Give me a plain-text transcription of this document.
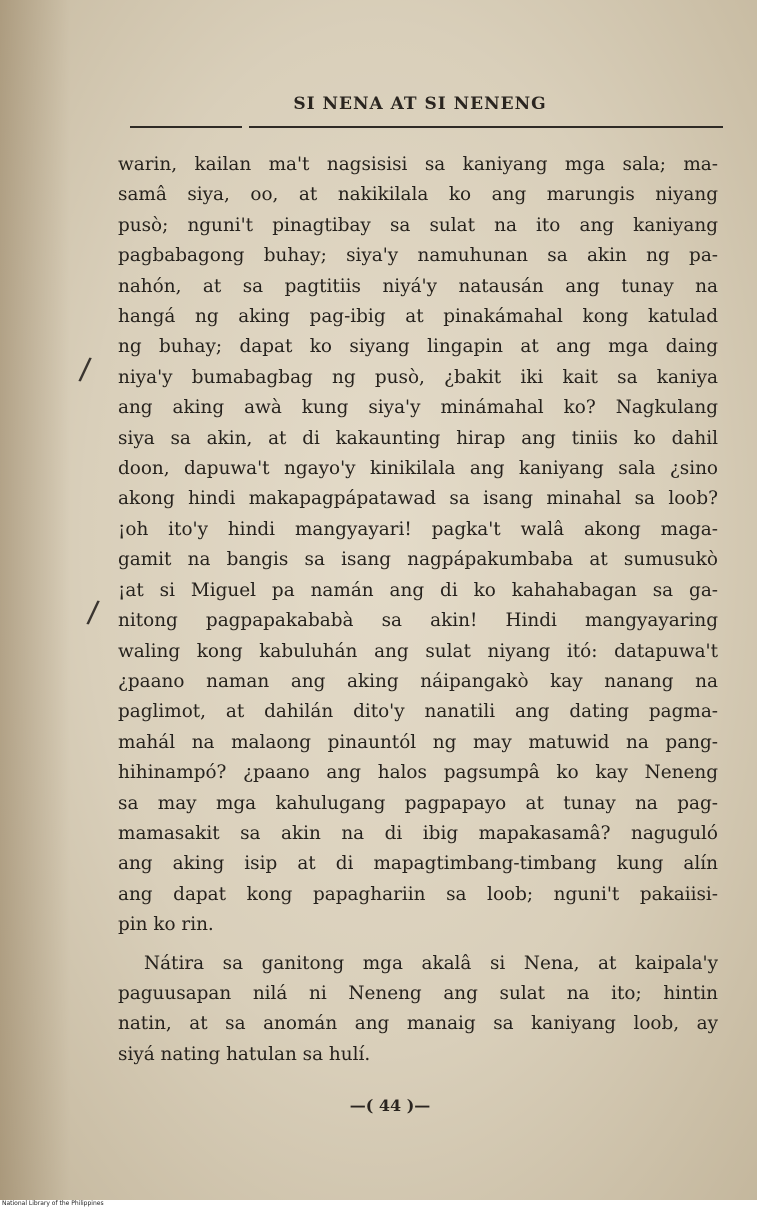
SI NENA AT SI NENENG
/
/
warin, kailan ma't nagsisisi sa kaniyang mga sala; ma-
samâ siya, oo, at nakikilala ko ang marungis niyang
pusò; nguni't pinagtibay sa sulat na ito ang kaniyang
pagbabagong buhay; siya'y namuhunan sa akin ng pa-
nahón, at sa pagtitiis niyá'y natausán ang tunay na
hangá ng aking pag-ibig at pinakámahal kong katulad
ng buhay; dapat ko siyang lingapin at ang mga daing
niya'y bumabagbag ng pusò, ¿bakit iki kait sa kaniya
ang aking awà kung siya'y minámahal ko? Nagkulang
siya sa akin, at di kakaunting hirap ang tiniis ko dahil
doon, dapuwa't ngayo'y kinikilala ang kaniyang sala ¿sino
akong hindi makapagpápatawad sa isang minahal sa loob?
¡oh ito'y hindi mangyayari! pagka't walâ akong maga-
gamit na bangis sa isang nagpápakumbaba at sumusukò
¡at si Miguel pa namán ang di ko kahahabagan sa ga-
nitong pagpapakababà sa akin! Hindi mangyayaring
waling kong kabuluhán ang sulat niyang itó: datapuwa't
¿paano naman ang aking náipangakò kay nanang na
paglimot, at dahilán dito'y nanatili ang dating pagma-
mahál na malaong pinauntól ng may matuwid na pang-
hihinampó? ¿paano ang halos pagsumpâ ko kay Neneng
sa may mga kahulugang pagpapayo at tunay na pag-
mamasakit sa akin na di ibig mapakasamâ? naguguló
ang aking isip at di mapagtimbang-timbang kung alín
ang dapat kong papaghariin sa loob; nguni't pakaiisi-
pin ko rin.
Nátira sa ganitong mga akalâ si Nena, at kaipala'y
paguusapan nilá ni Neneng ang sulat na ito; hintin
natin, at sa anomán ang manaig sa kaniyang loob, ay
siyá nating hatulan sa hulí.
—( 44 )—
National Library of the Philippines
